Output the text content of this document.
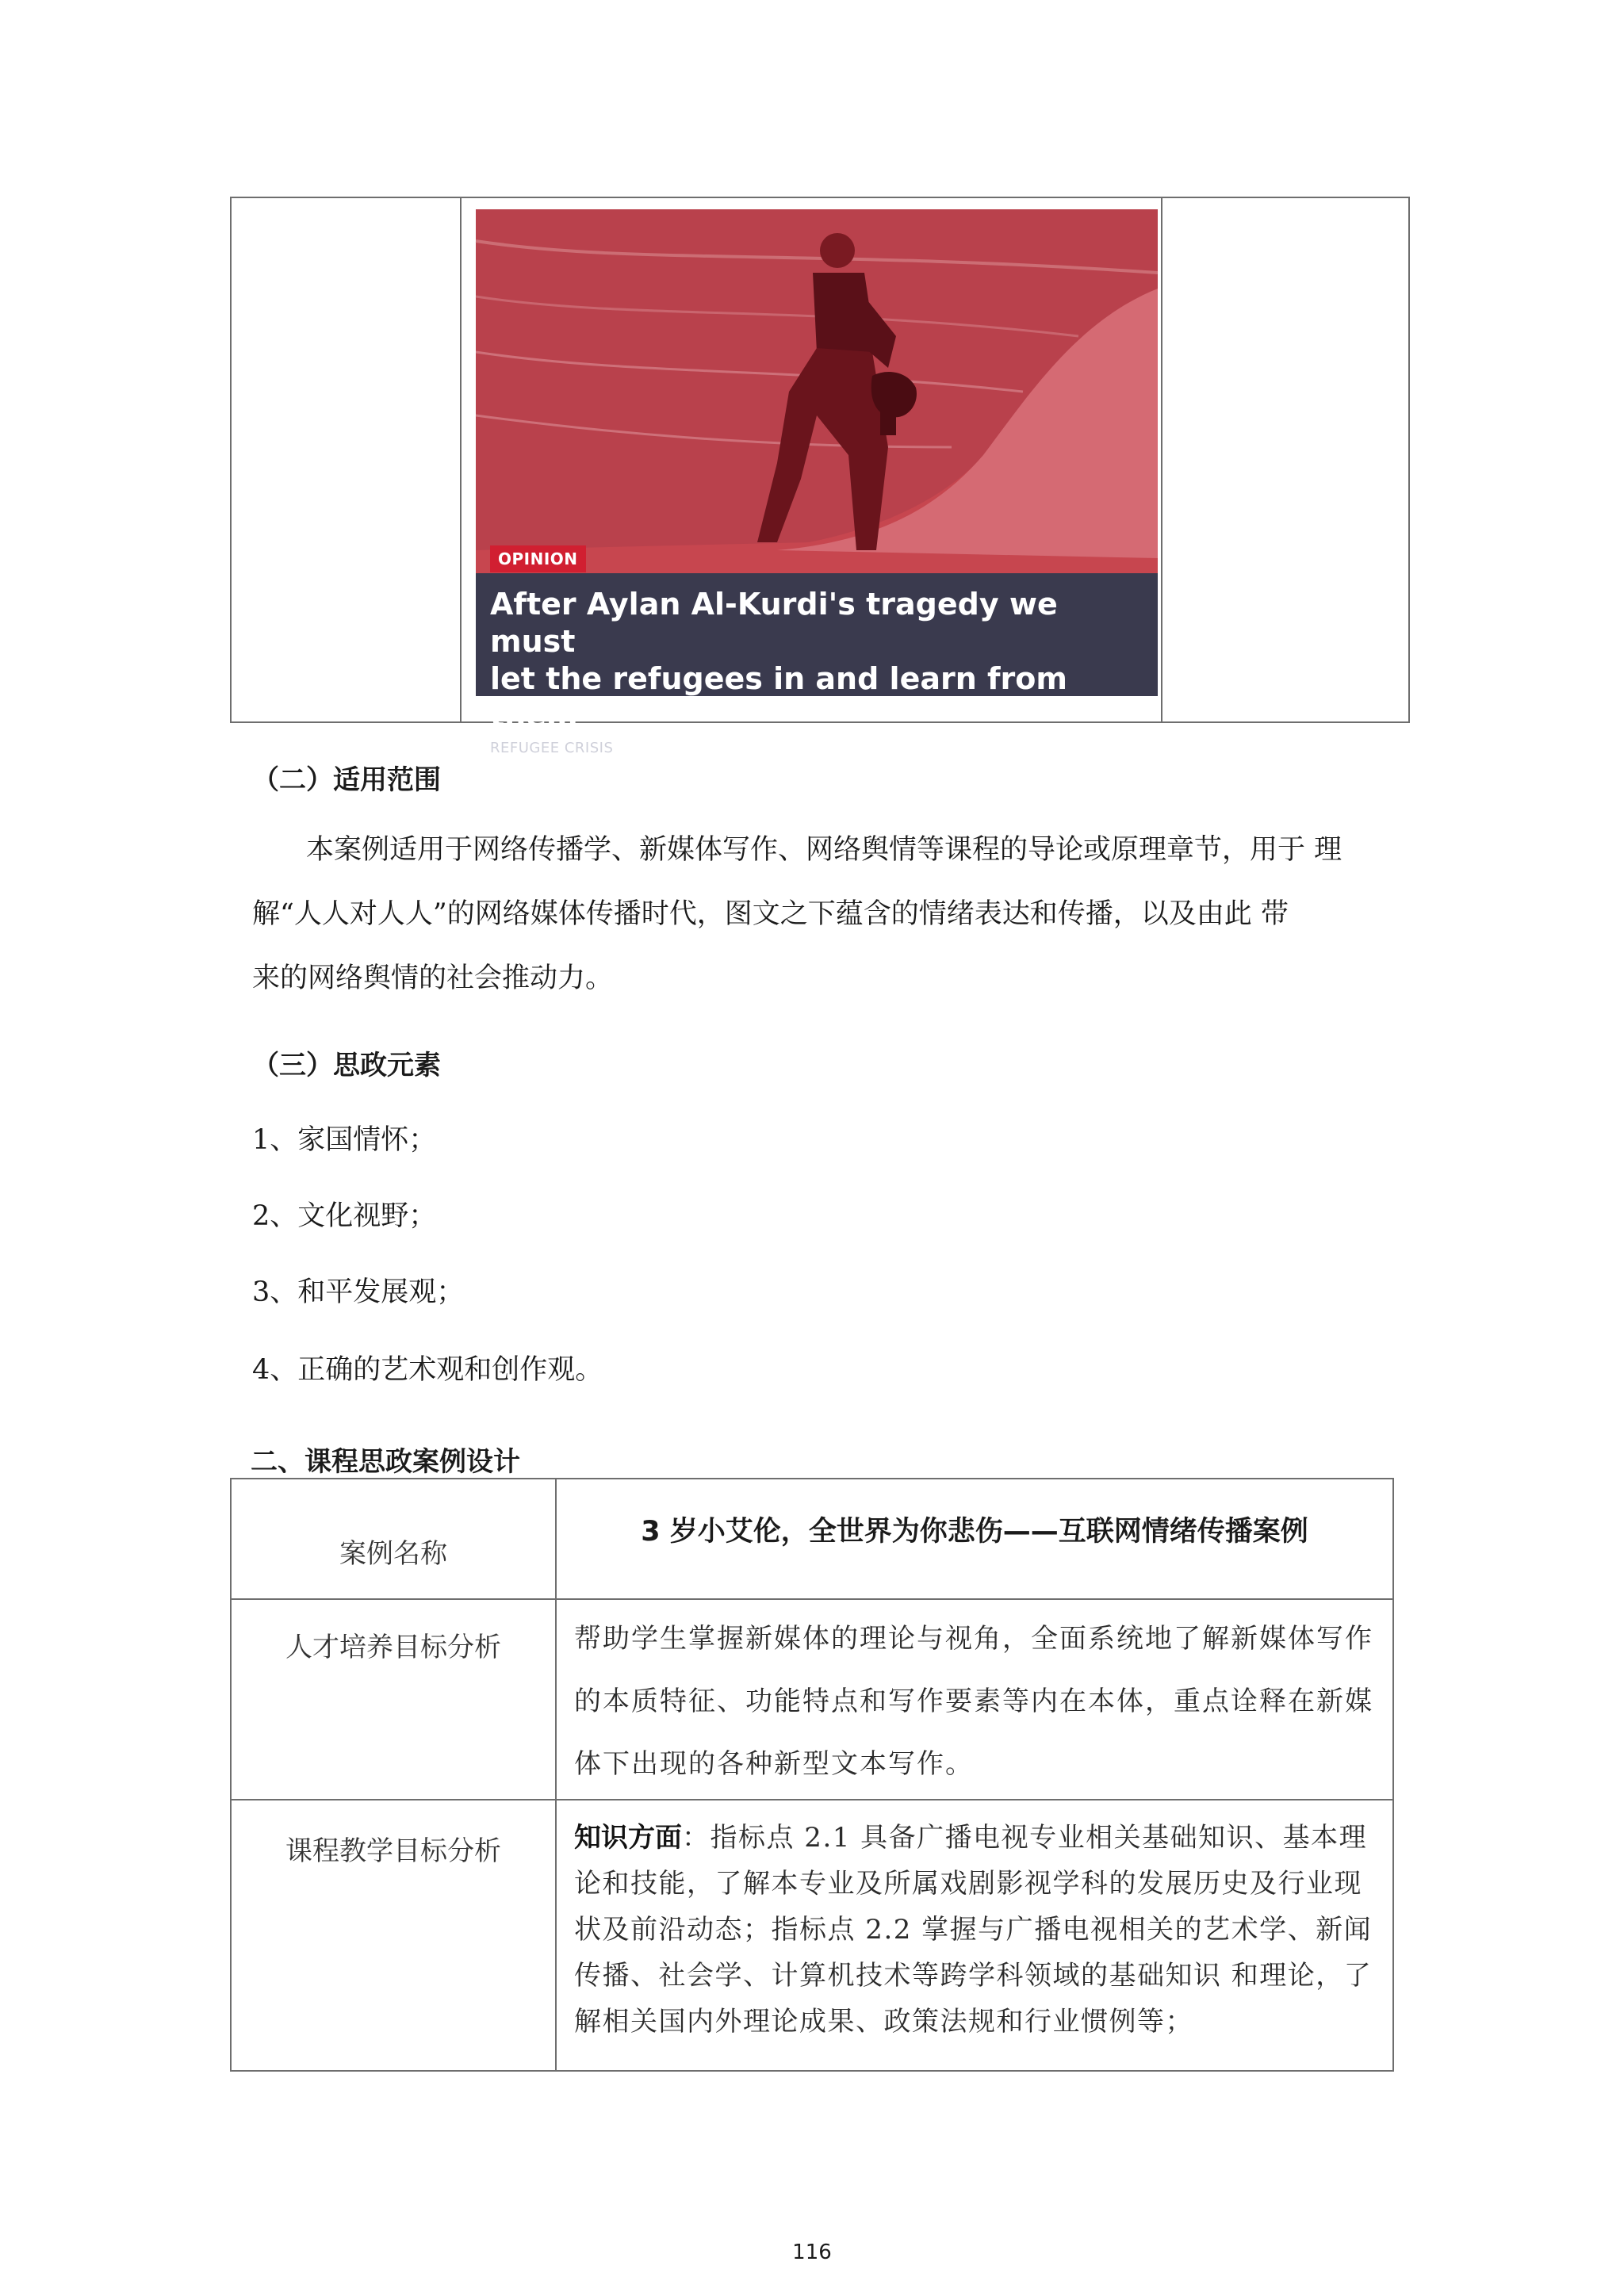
OPINION
After Aylan Al-Kurdi's tragedy we must
let the refugees in and learn from them
REFUGEE CRISIS
（二）适用范围
本案例适用于网络传播学、新媒体写作、网络舆情等课程的导论或原理章节，用于 理
解“人人对人人”的网络媒体传播时代，图文之下蕴含的情绪表达和传播，以及由此 带
来的网络舆情的社会推动力。
（三）思政元素
1、家国情怀；
2、文化视野；
3、和平发展观；
4、正确的艺术观和创作观。
二、课程思政案例设计
案例名称	3 岁小艾伦，全世界为你悲伤——互联网情绪传播案例

人才培养目标分析	帮助学生掌握新媒体的理论与视角，全面系统地了解新媒体写作的本质特征、功能特点和写作要素等内在本体，重点诠释在新媒体下出现的各种新型文本写作。

课程教学目标分析	知识方面：指标点 2.1 具备广播电视专业相关基础知识、基本理论和技能，了解本专业及所属戏剧影视学科的发展历史及行业现状及前沿动态；指标点 2.2 掌握与广播电视相关的艺术学、新闻传播、社会学、计算机技术等跨学科领域的基础知识 和理论，了解相关国内外理论成果、政策法规和行业惯例等；
116
